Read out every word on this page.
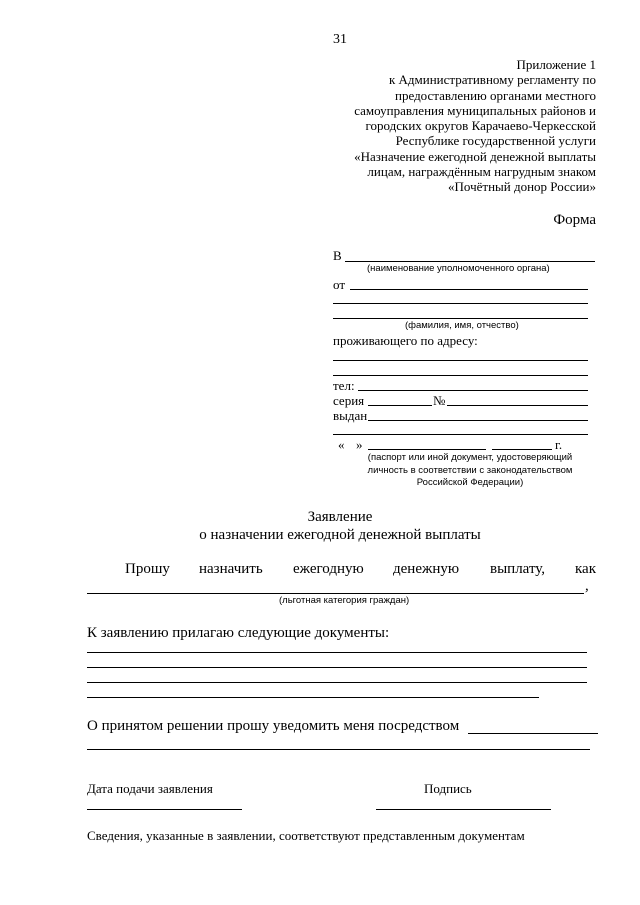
31
Приложение 1
к Административному регламенту по
предоставлению органами местного
самоуправления муниципальных районов и
городских округов Карачаево-Черкесской
Республике государственной услуги
«Назначение ежегодной денежной выплаты
лицам, награждённым нагрудным знаком
«Почётный донор России»
Форма
В
(наименование уполномоченного органа)
от
(фамилия, имя, отчество)
проживающего по адресу:
тел:
серия	№
выдан
« »	г.
(паспорт или иной документ, удостоверяющий
личность в соответствии с законодательством
Российской Федерации)
Заявление
о назначении ежегодной денежной выплаты
Прошу назначить ежегодную денежную выплату, как
,
(льготная категория граждан)
К заявлению прилагаю следующие документы:
О принятом решении прошу уведомить меня посредством
Дата подачи заявления	Подпись
Сведения, указанные в заявлении, соответствуют представленным документам
